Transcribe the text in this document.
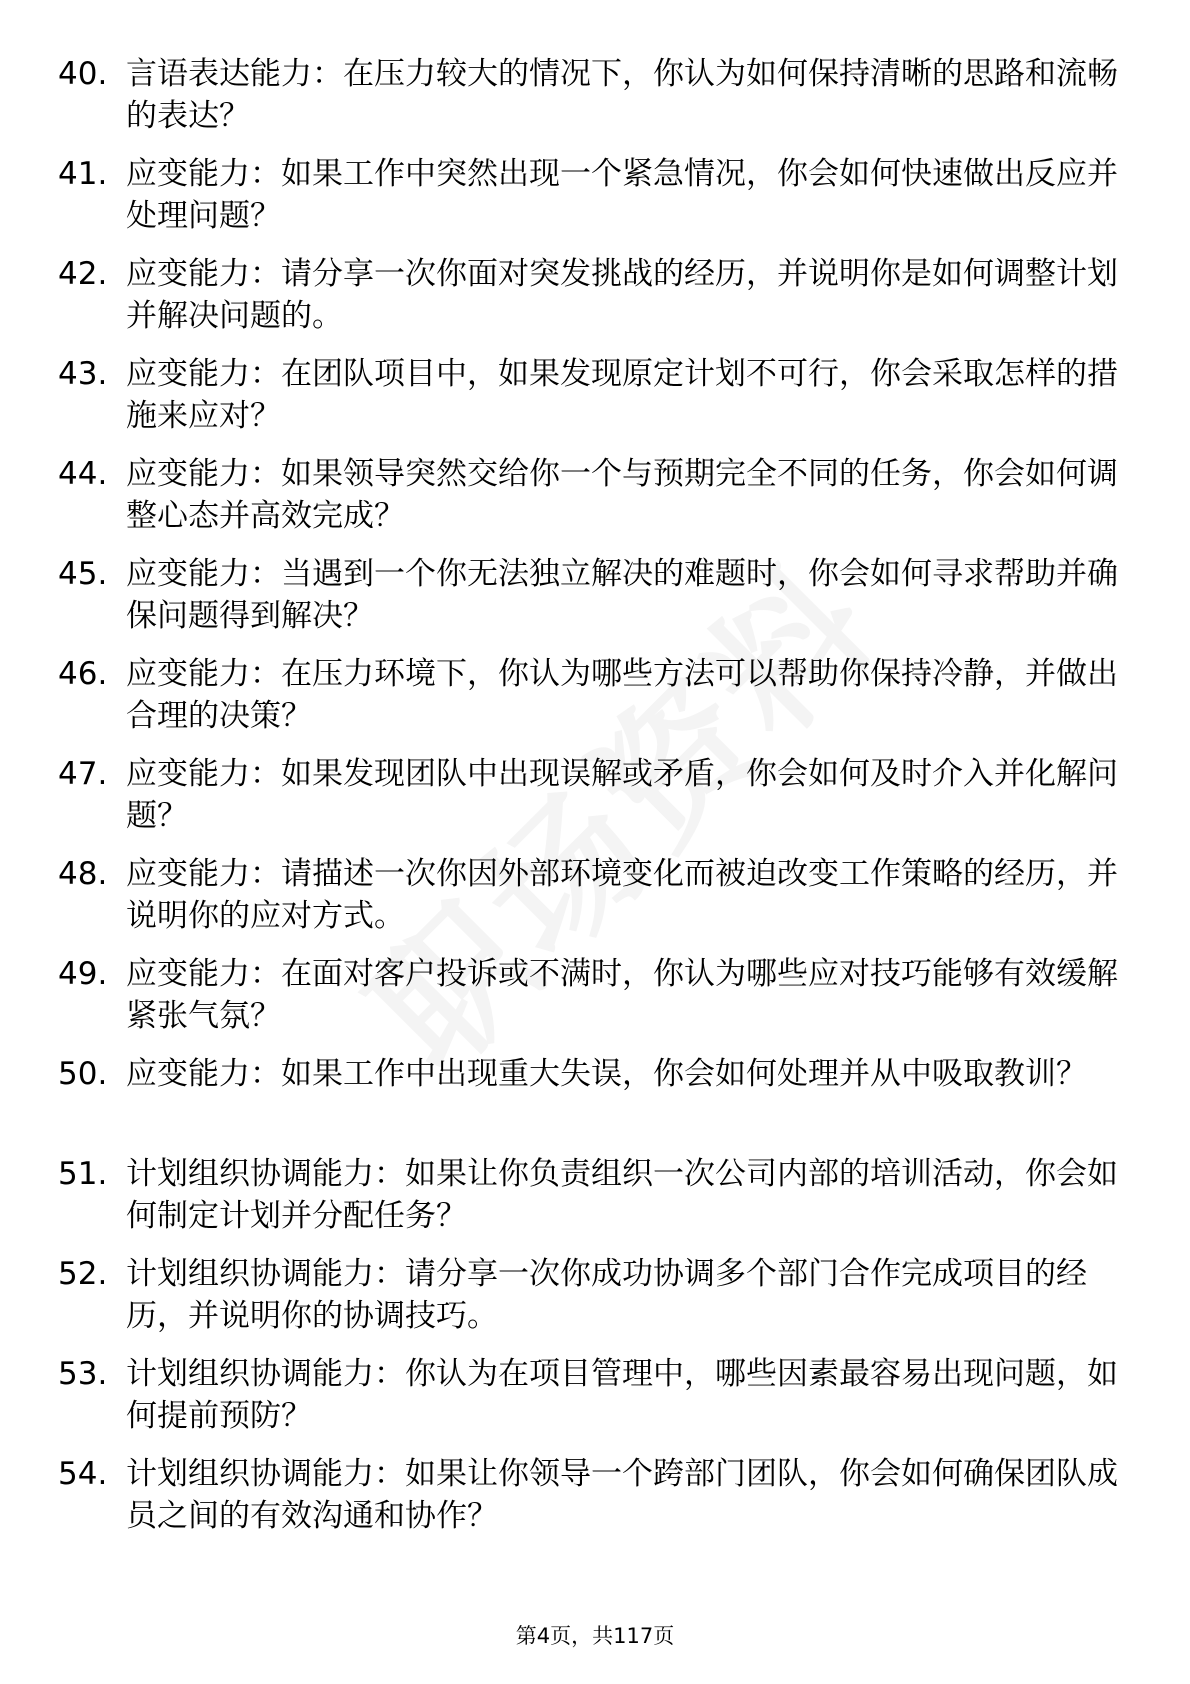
40. 言语表达能力：在压力较大的情况下，你认为如何保持清晰的思路和流畅的表达？
41. 应变能力：如果工作中突然出现一个紧急情况，你会如何快速做出反应并处理问题？
42. 应变能力：请分享一次你面对突发挑战的经历，并说明你是如何调整计划并解决问题的。
43. 应变能力：在团队项目中，如果发现原定计划不可行，你会采取怎样的措施来应对？
44. 应变能力：如果领导突然交给你一个与预期完全不同的任务，你会如何调整心态并高效完成？
45. 应变能力：当遇到一个你无法独立解决的难题时，你会如何寻求帮助并确保问题得到解决？
46. 应变能力：在压力环境下，你认为哪些方法可以帮助你保持冷静，并做出合理的决策？
47. 应变能力：如果发现团队中出现误解或矛盾，你会如何及时介入并化解问题？
48. 应变能力：请描述一次你因外部环境变化而被迫改变工作策略的经历，并说明你的应对方式。
49. 应变能力：在面对客户投诉或不满时，你认为哪些应对技巧能够有效缓解紧张气氛？
50. 应变能力：如果工作中出现重大失误，你会如何处理并从中吸取教训？
51. 计划组织协调能力：如果让你负责组织一次公司内部的培训活动，你会如何制定计划并分配任务？
52. 计划组织协调能力：请分享一次你成功协调多个部门合作完成项目的经历，并说明你的协调技巧。
53. 计划组织协调能力：你认为在项目管理中，哪些因素最容易出现问题，如何提前预防？
54. 计划组织协调能力：如果让你领导一个跨部门团队，你会如何确保团队成员之间的有效沟通和协作？
第4页，共117页
